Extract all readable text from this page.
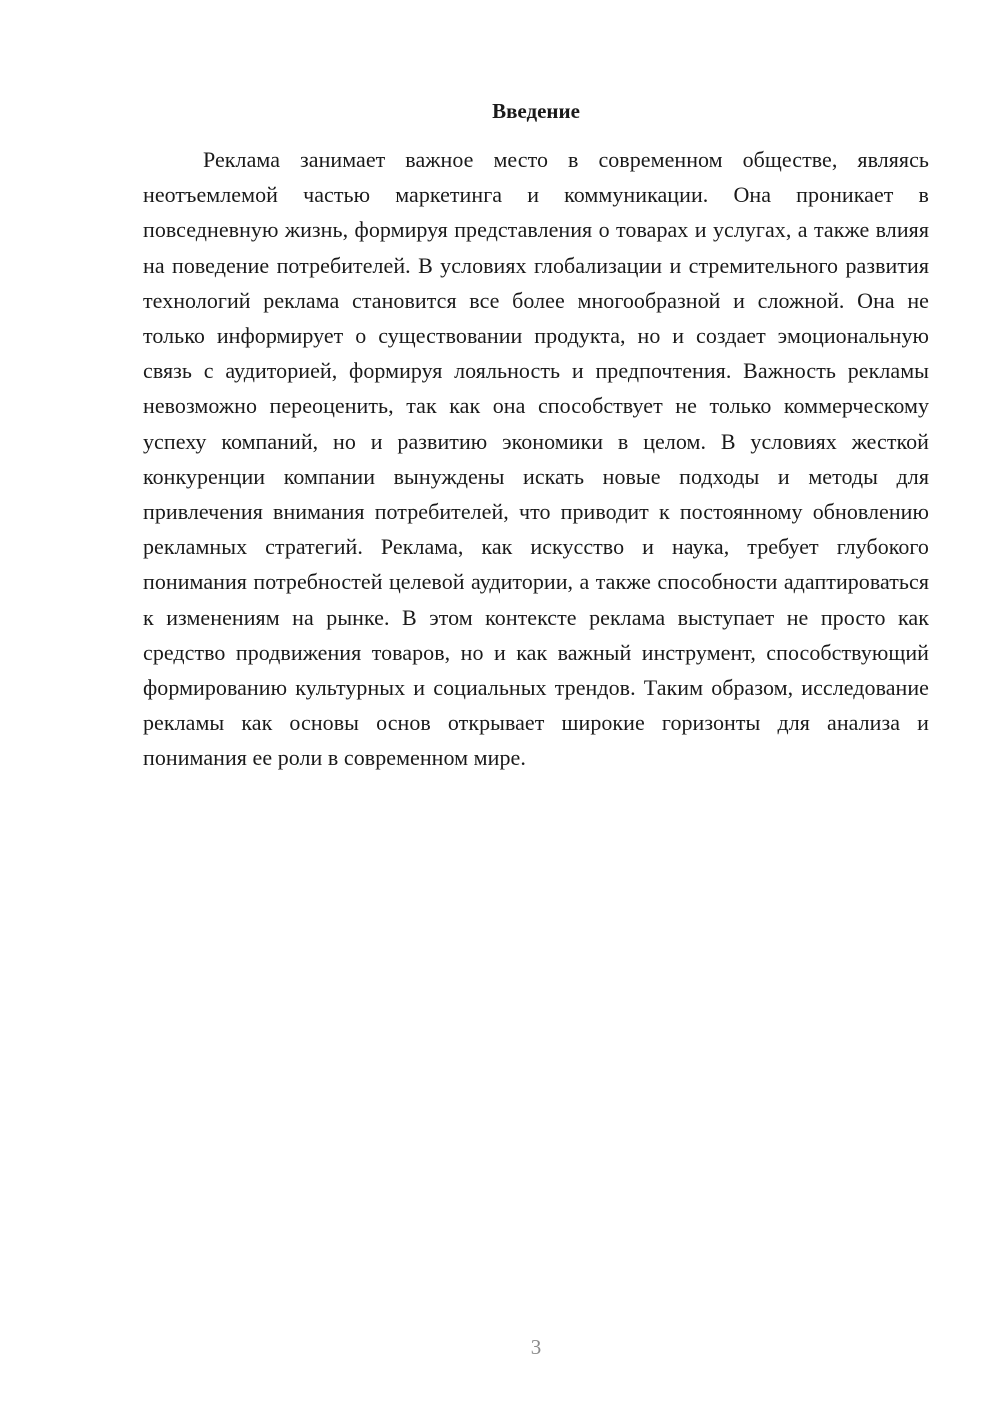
Введение

Реклама занимает важное место в современном обществе, являясь неотъемлемой частью маркетинга и коммуникации. Она проникает в повседневную жизнь, формируя представления о товарах и услугах, а также влияя на поведение потребителей. В условиях глобализации и стремительного развития технологий реклама становится все более многообразной и сложной. Она не только информирует о существовании продукта, но и создает эмоциональную связь с аудиторией, формируя лояльность и предпочтения. Важность рекламы невозможно переоценить, так как она способствует не только коммерческому успеху компаний, но и развитию экономики в целом. В условиях жесткой конкуренции компании вынуждены искать новые подходы и методы для привлечения внимания потребителей, что приводит к постоянному обновлению рекламных стратегий. Реклама, как искусство и наука, требует глубокого понимания потребностей целевой аудитории, а также способности адаптироваться к изменениям на рынке. В этом контексте реклама выступает не просто как средство продвижения товаров, но и как важный инструмент, способствующий формированию культурных и социальных трендов. Таким образом, исследование рекламы как основы основ открывает широкие горизонты для анализа и понимания ее роли в современном мире.

3
